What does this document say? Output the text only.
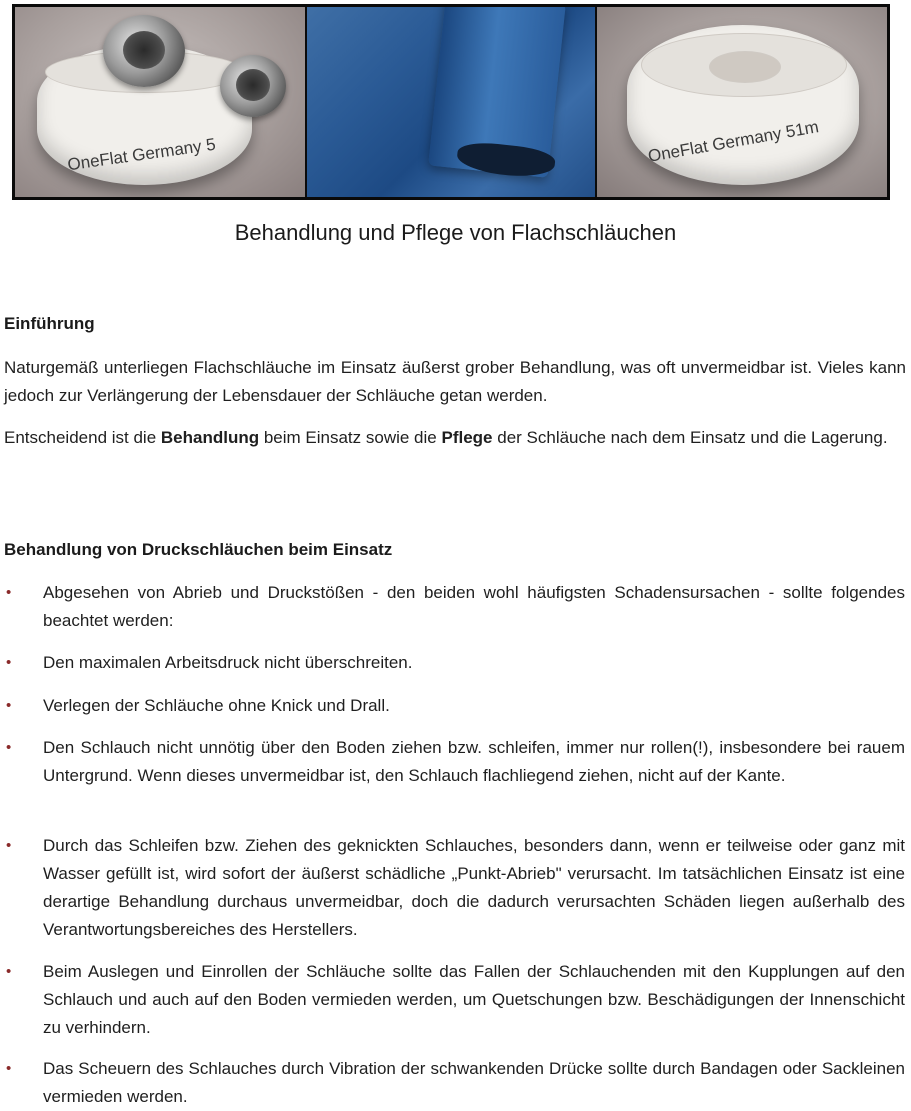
OneFlat Germany 5	OneFlat Germany 51m
Behandlung und Pflege von Flachschläuchen
Einführung

Naturgemäß unterliegen Flachschläuche im Einsatz äußerst grober Behandlung, was oft unvermeidbar ist. Vieles kann jedoch zur Verlängerung der Lebensdauer der Schläuche getan werden.

Entscheidend ist die Behandlung beim Einsatz sowie die Pflege der Schläuche nach dem Einsatz und die Lagerung.

Behandlung von Druckschläuchen beim Einsatz
• Abgesehen von Abrieb und Druckstößen - den beiden wohl häufigsten Schadensursachen - sollte folgendes beachtet werden:

• Den maximalen Arbeitsdruck nicht überschreiten.

• Verlegen der Schläuche ohne Knick und Drall.

• Den Schlauch nicht unnötig über den Boden ziehen bzw. schleifen, immer nur rollen(!), insbesondere bei rauem Untergrund. Wenn dieses unvermeidbar ist, den Schlauch flachliegend ziehen, nicht auf der Kante.

• Durch das Schleifen bzw. Ziehen des geknickten Schlauches, besonders dann, wenn er teilweise oder ganz mit Wasser gefüllt ist, wird sofort der äußerst schädliche „Punkt-Abrieb" verursacht. Im tatsächlichen Einsatz ist eine derartige Behandlung durchaus unvermeidbar, doch die dadurch verursachten Schäden liegen außerhalb des Verantwortungsbereiches des Herstellers.

• Beim Auslegen und Einrollen der Schläuche sollte das Fallen der Schlauchenden mit den Kupplungen auf den Schlauch und auch auf den Boden vermieden werden, um Quetschungen bzw. Beschädigungen der Innenschicht zu verhindern.

• Das Scheuern des Schlauches durch Vibration der schwankenden Drücke sollte durch Bandagen oder Sackleinen vermieden werden.
